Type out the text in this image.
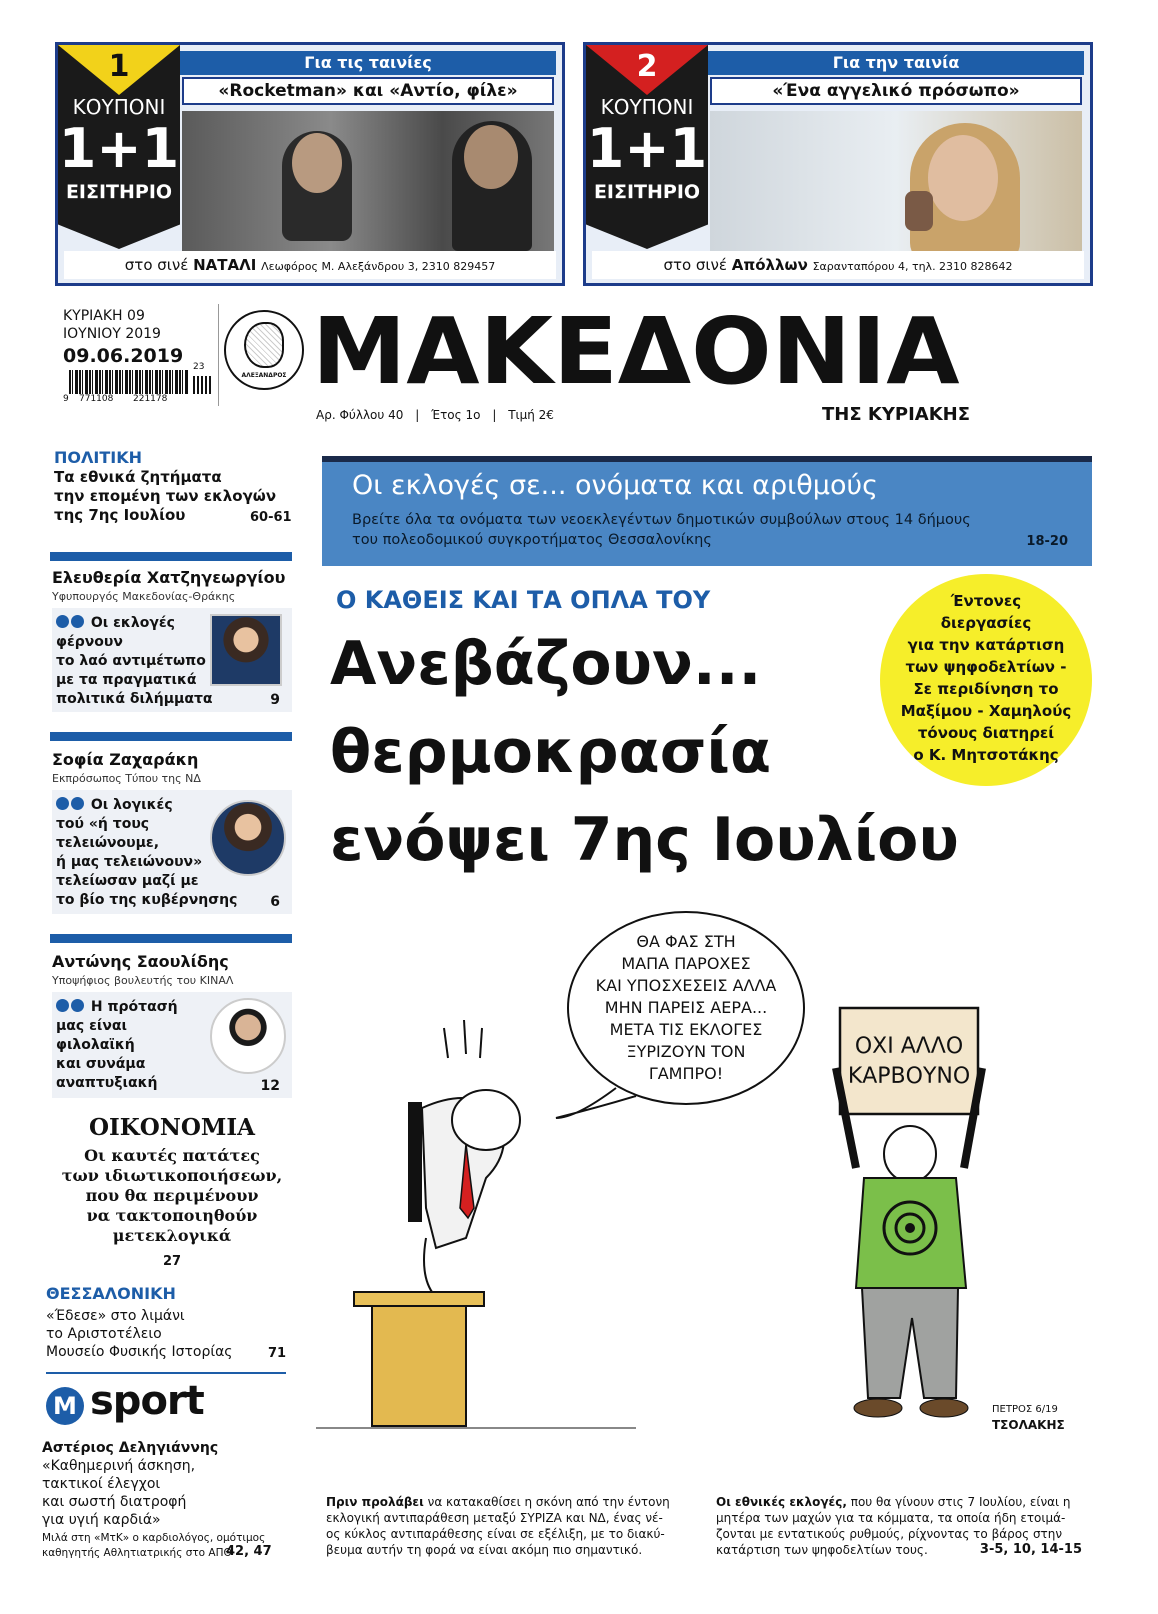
1
ΚΟΥΠΟΝΙ
1+1
ΕΙΣΙΤΗΡΙΟ
Για τις ταινίες
«Rocketman» και «Αντίο, φίλε»
στο σινέ ΝΑΤΑΛΙ Λεωφόρος Μ. Αλεξάνδρου 3, 2310 829457
2
ΚΟΥΠΟΝΙ
1+1
ΕΙΣΙΤΗΡΙΟ
Για την ταινία
«Ένα αγγελικό πρόσωπο»
στο σινέ Απόλλων Σαρανταπόρου 4, τηλ. 2310 828642
ΚΥΡΙΑΚΗ 09
ΙΟΥΝΙΟΥ 2019
09.06.2019 23
9 771108 221178
ΑΛΕΞΑΝΔΡΟΣ ΜΑΚΕΔΟΝΙΑ
ΤΗΣ ΚΥΡΙΑΚΗΣ
Αρ. Φύλλου 40 | Έτος 1ο | Τιμή 2€
ΠΟΛΙΤΙΚΗ
Τα εθνικά ζητήματα
την επομένη των εκλογών
της 7ης Ιουλίου	60-61
Ελευθερία Χατζηγεωργίου
Υφυπουργός Μακεδονίας-Θράκης
Οι εκλογές
φέρνουν
το λαό αντιμέτωπο
με τα πραγματικά
πολιτικά διλήμματα	9
Σοφία Ζαχαράκη
Εκπρόσωπος Τύπου της ΝΔ
Οι λογικές
τού «ή τους
τελειώνουμε,
ή μας τελειώνουν»
τελείωσαν μαζί με
το βίο της κυβέρνησης 6
Αντώνης Σαουλίδης
Υποψήφιος βουλευτής του ΚΙΝΑΛ
Η πρότασή
μας είναι
φιλολαϊκή
και συνάμα
αναπτυξιακή	12
ΟΙΚΟΝΟΜΙΑ
Οι καυτές πατάτες
των ιδιωτικοποιήσεων,
που θα περιμένουν
να τακτοποιηθούν
μετεκλογικά
27
ΘΕΣΣΑΛΟΝΙΚΗ
«Έδεσε» στο λιμάνι
το Αριστοτέλειο
Μουσείο Φυσικής Ιστορίας	71
M sport
Αστέριος Δεληγιάννης
«Καθημερινή άσκηση,
τακτικοί έλεγχοι
και σωστή διατροφή
για υγιή καρδιά»
Μιλά στη «ΜτΚ» ο καρδιολόγος, ομότιμος
καθηγητής Αθλητιατρικής στο ΑΠΘ
42, 47
Οι εκλογές σε... ονόματα και αριθμούς
Βρείτε όλα τα ονόματα των νεοεκλεγέντων δημοτικών συμβούλων στους 14 δήμους
του πολεοδομικού συγκροτήματος Θεσσαλονίκης	18-20
Ο ΚΑΘΕΙΣ ΚΑΙ ΤΑ ΟΠΛΑ ΤΟΥ
Ανεβάζουν...
θερμοκρασία
ενόψει 7ης Ιουλίου
Έντονες
διεργασίες
για την κατάρτιση
των ψηφοδελτίων -
Σε περιδίνηση το
Μαξίμου - Χαμηλούς
τόνους διατηρεί
ο Κ. Μητσοτάκης
ΘΑ ΦΑΣ ΣΤΗ
ΜΑΠΑ ΠΑΡΟΧΕΣ
ΚΑΙ ΥΠΟΣΧΕΣΕΙΣ ΑΛΛΑ
ΜΗΝ ΠΑΡΕΙΣ ΑΕΡΑ...
ΜΕΤΑ ΤΙΣ ΕΚΛΟΓΕΣ
ΞΥΡΙΖΟΥΝ ΤΟΝ
ΓΑΜΠΡΟ!
ΟΧΙ ΑΛΛΟ
ΚΑΡΒΟΥΝΟ
ΠΕΤΡΟΣ 6/19
ΤΣΟΛΑΚΗΣ
Πριν προλάβει να κατακαθίσει η σκόνη από την έντονη
εκλογική αντιπαράθεση μεταξύ ΣΥΡΙΖΑ και ΝΔ, ένας νέ-
ος κύκλος αντιπαράθεσης είναι σε εξέλιξη, με το διακύ-
βευμα αυτήν τη φορά να είναι ακόμη πιο σημαντικό.
Οι εθνικές εκλογές, που θα γίνουν στις 7 Ιουλίου, είναι η
μητέρα των μαχών για τα κόμματα, τα οποία ήδη ετοιμά-
ζονται με εντατικούς ρυθμούς, ρίχνοντας το βάρος στην
κατάρτιση των ψηφοδελτίων τους.	3-5, 10, 14-15
